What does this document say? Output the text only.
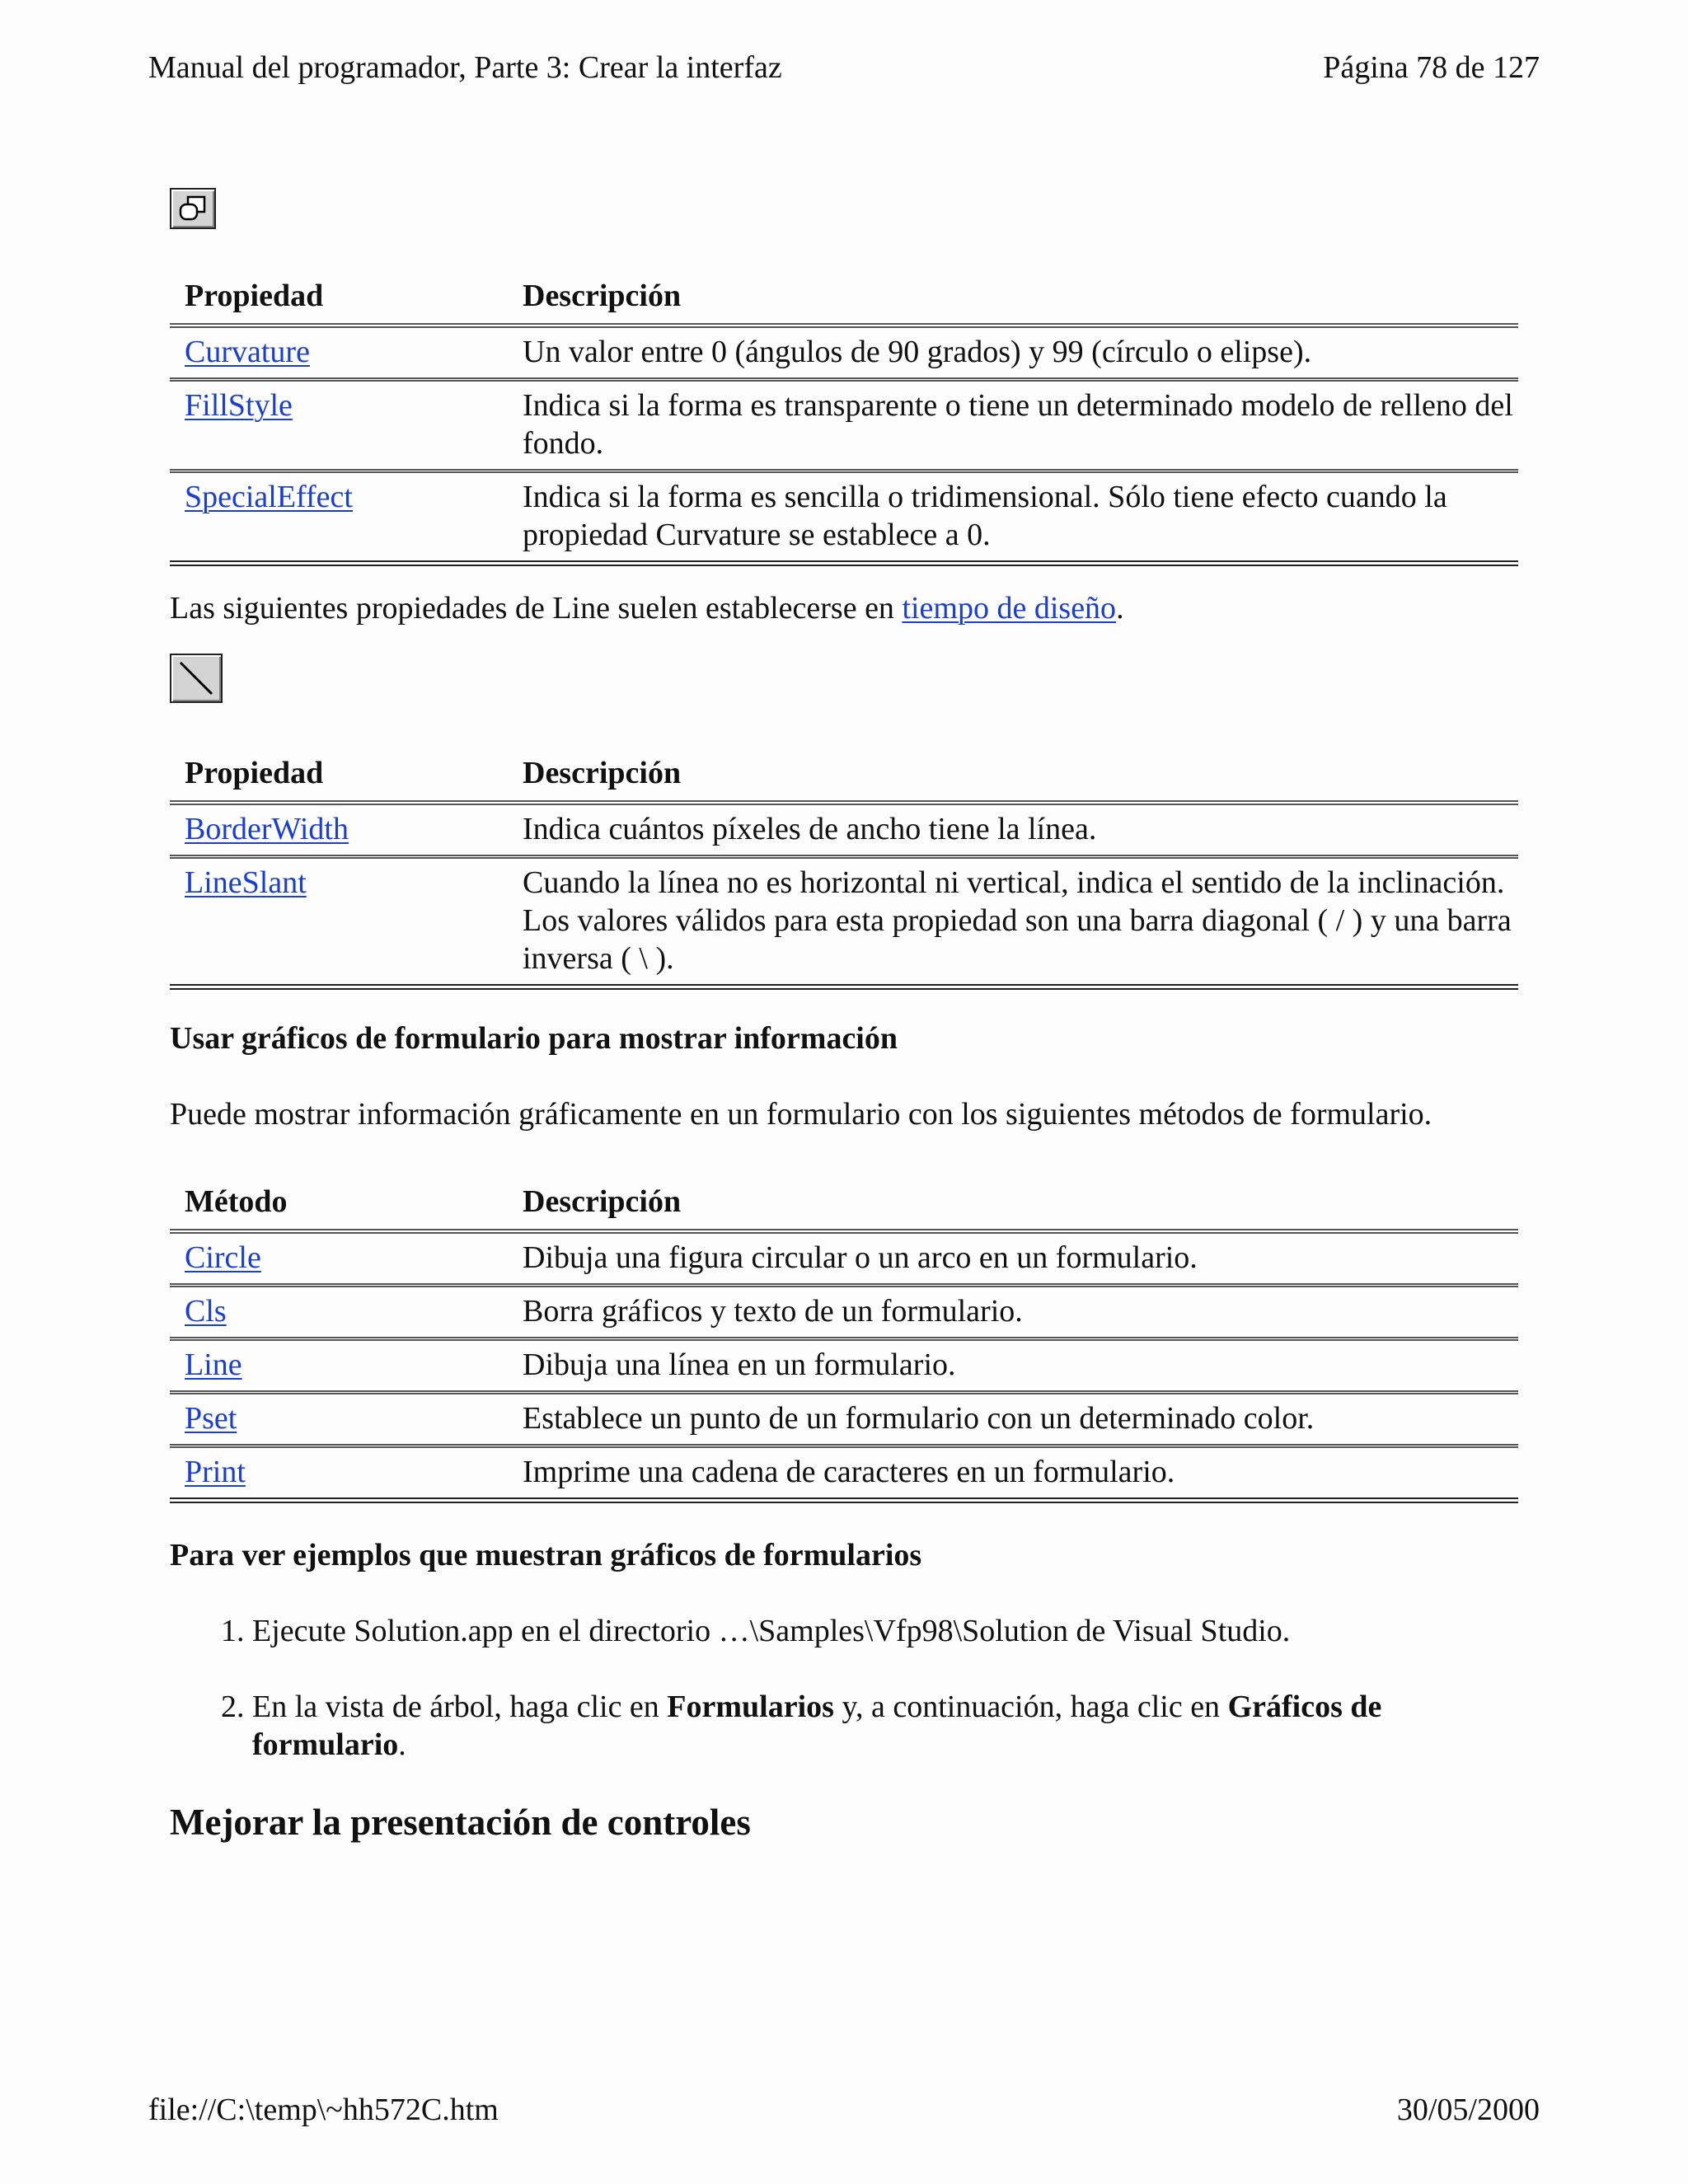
Manual del programador, Parte 3: Crear la interfaz	Página 78 de 127
Propiedad	Descripción
Curvature	Un valor entre 0 (ángulos de 90 grados) y 99 (círculo o elipse).
FillStyle	Indica si la forma es transparente o tiene un determinado modelo de relleno del fondo.
SpecialEffect	Indica si la forma es sencilla o tridimensional. Sólo tiene efecto cuando la propiedad Curvature se establece a 0.

Las siguientes propiedades de Line suelen establecerse en tiempo de diseño.

Propiedad	Descripción
BorderWidth	Indica cuántos píxeles de ancho tiene la línea.
LineSlant	Cuando la línea no es horizontal ni vertical, indica el sentido de la inclinación. Los valores válidos para esta propiedad son una barra diagonal ( / ) y una barra inversa ( \ ).

Usar gráficos de formulario para mostrar información

Puede mostrar información gráficamente en un formulario con los siguientes métodos de formulario.

Método	Descripción
Circle	Dibuja una figura circular o un arco en un formulario.
Cls	Borra gráficos y texto de un formulario.
Line	Dibuja una línea en un formulario.
Pset	Establece un punto de un formulario con un determinado color.
Print	Imprime una cadena de caracteres en un formulario.

Para ver ejemplos que muestran gráficos de formularios

1. Ejecute Solution.app en el directorio …\Samples\Vfp98\Solution de Visual Studio.
2. En la vista de árbol, haga clic en Formularios y, a continuación, haga clic en Gráficos de formulario.

Mejorar la presentación de controles

file://C:\temp\~hh572C.htm	30/05/2000
